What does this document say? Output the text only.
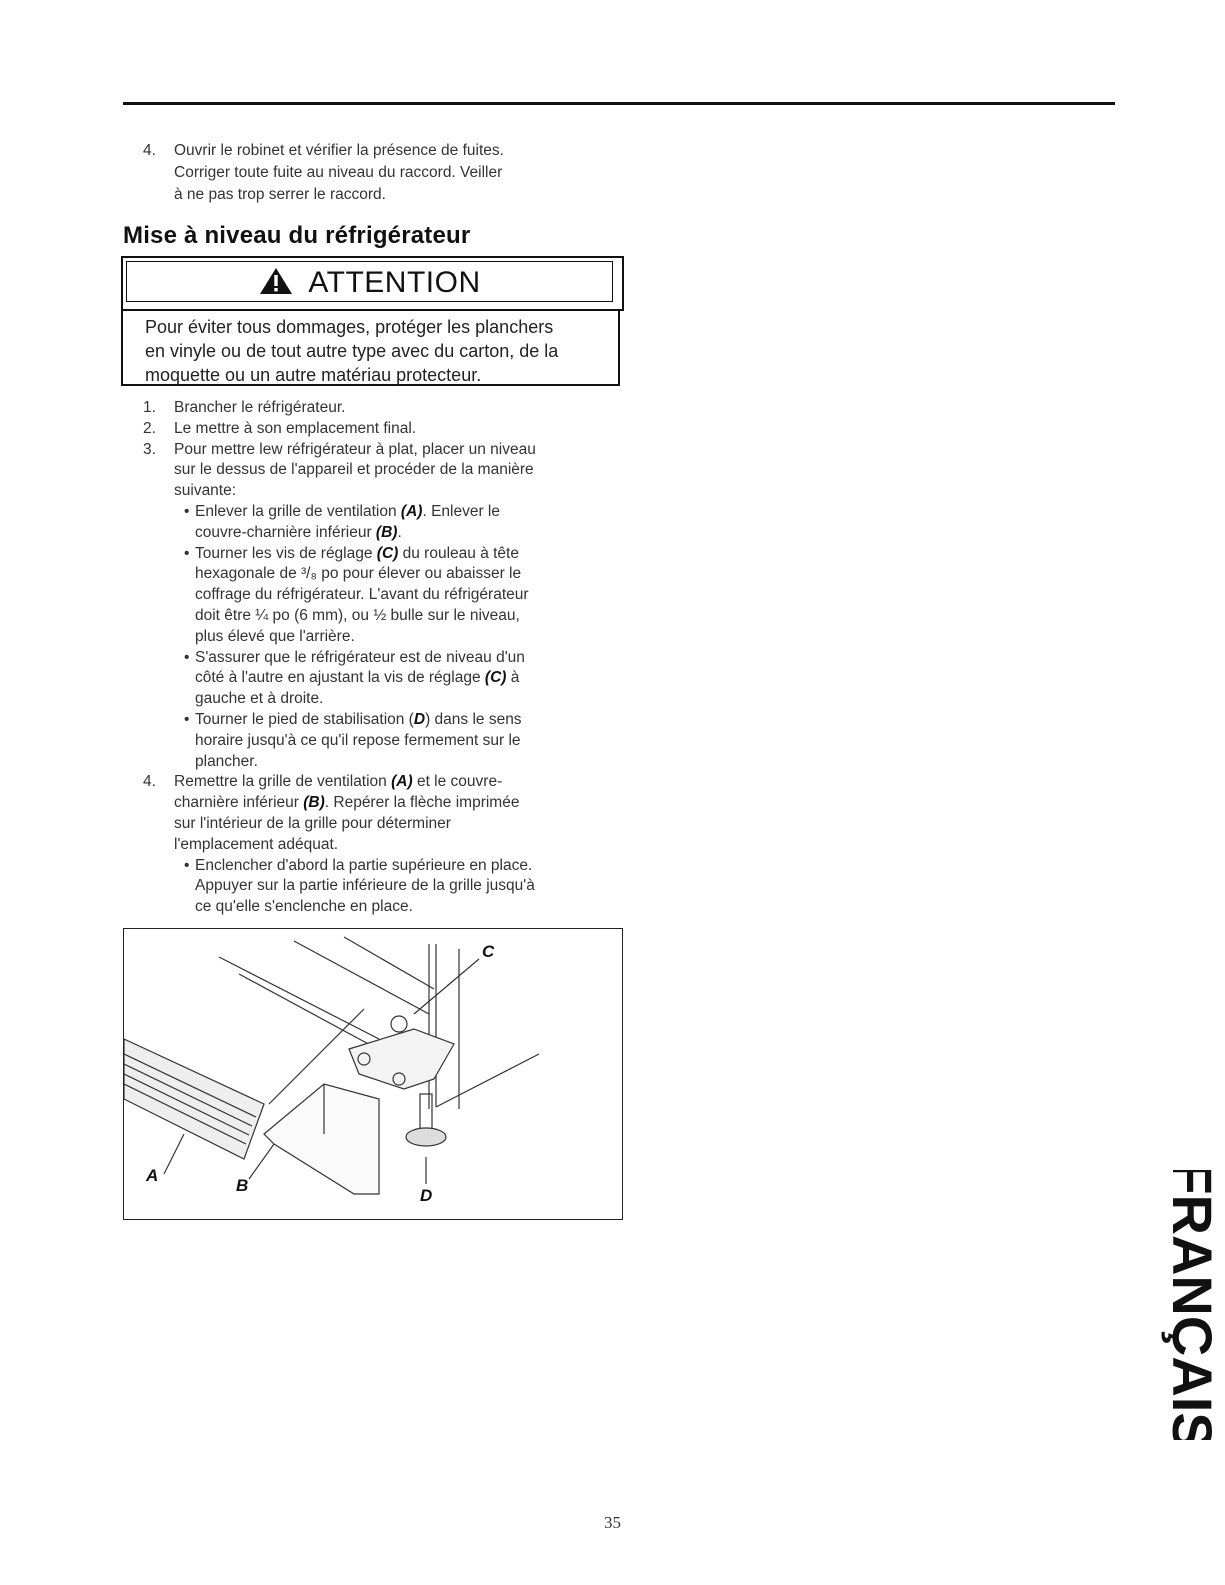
4. Ouvrir le robinet et vérifier la présence de fuites.

Corriger toute fuite au niveau du raccord. Veiller

à ne pas trop serrer le raccord.

Mise à niveau du réfrigérateur
ATTENTION
Pour éviter tous dommages, protéger les planchers
en vinyle ou de tout autre type avec du carton, de la
moquette ou un autre matériau protecteur.
1. Brancher le réfrigérateur.
2. Le mettre à son emplacement final.
3. Pour mettre lew réfrigérateur à plat, placer un niveau
sur le dessus de l'appareil et procéder de la manière
suivante:
• Enlever la grille de ventilation (A). Enlever le
couvre-charnière inférieur (B).
• Tourner les vis de réglage (C) du rouleau à tête
hexagonale de ³/₈ po pour élever ou abaisser le
coffrage du réfrigérateur. L'avant du réfrigérateur
doit être ¼ po (6 mm), ou ½ bulle sur le niveau,
plus élevé que l'arrière.
• S'assurer que le réfrigérateur est de niveau d'un
côté à l'autre en ajustant la vis de réglage (C) à
gauche et à droite.
• Tourner le pied de stabilisation (D) dans le sens
horaire jusqu'à ce qu'il repose fermement sur le
plancher.
4. Remettre la grille de ventilation (A) et le couvre-
charnière inférieur (B). Repérer la flèche imprimée
sur l'intérieur de la grille pour déterminer
l'emplacement adéquat.
• Enclencher d'abord la partie supérieure en place.
Appuyer sur la partie inférieure de la grille jusqu'à
ce qu'elle s'enclenche en place.
C
A
B
D	FRANÇAIS
35
